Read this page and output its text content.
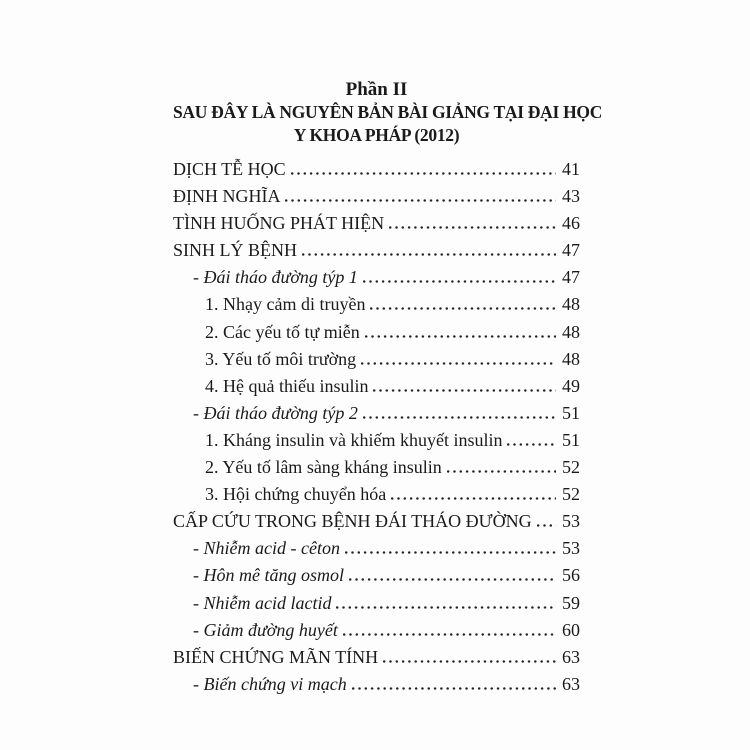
Phần II
SAU ĐÂY LÀ NGUYÊN BẢN BÀI GIẢNG TẠI ĐẠI HỌC
Y KHOA PHÁP (2012)
DỊCH TỄ HỌC	41
ĐỊNH NGHĨA	43
TÌNH HUỐNG PHÁT HIỆN	46
SINH LÝ BỆNH	47
- Đái tháo đường týp 1	47
1. Nhạy cảm di truyền	48
2. Các yếu tố tự miễn	48
3. Yếu tố môi trường	48
4. Hệ quả thiếu insulin	49
- Đái tháo đường týp 2	51
1. Kháng insulin và khiếm khuyết insulin	51
2. Yếu tố lâm sàng kháng insulin	52
3. Hội chứng chuyển hóa	52
CẤP CỨU TRONG BỆNH ĐÁI THÁO ĐƯỜNG 53
- Nhiễm acid - cêton	53
- Hôn mê tăng osmol	56
- Nhiễm acid lactid	59
- Giảm đường huyết	60
BIẾN CHỨNG MÃN TÍNH	63
- Biến chứng vi mạch	63
